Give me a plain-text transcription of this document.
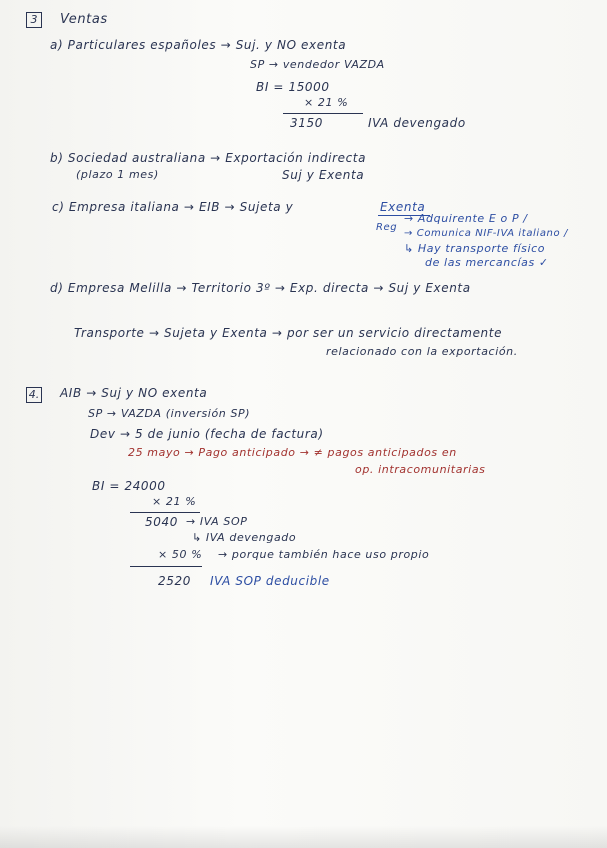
3	Ventas
a) Particulares españoles → Suj. y NO exenta
SP → vendedor VAZDA
BI = 15000
× 21 %
3150	IVA devengado
b) Sociedad australiana → Exportación indirecta
(plazo 1 mes)	Suj y Exenta
c) Empresa italiana → EIB → Sujeta y	Exenta
Reg
→ Adquirente E o P /
→ Comunica NIF-IVA italiano /
↳ Hay transporte físico
de las mercancías ✓
d) Empresa Melilla → Territorio 3º → Exp. directa → Suj y Exenta
Transporte → Sujeta y Exenta → por ser un servicio directamente
relacionado con la exportación.
4. AIB → Suj y NO exenta
SP → VAZDA (inversión SP)
Dev → 5 de junio (fecha de factura)
25 mayo → Pago anticipado → ≠ pagos anticipados en
op. intracomunitarias
BI = 24000
× 21 %
5040 → IVA SOP
↳ IVA devengado
× 50 % → porque también hace uso propio
2520 IVA SOP deducible
